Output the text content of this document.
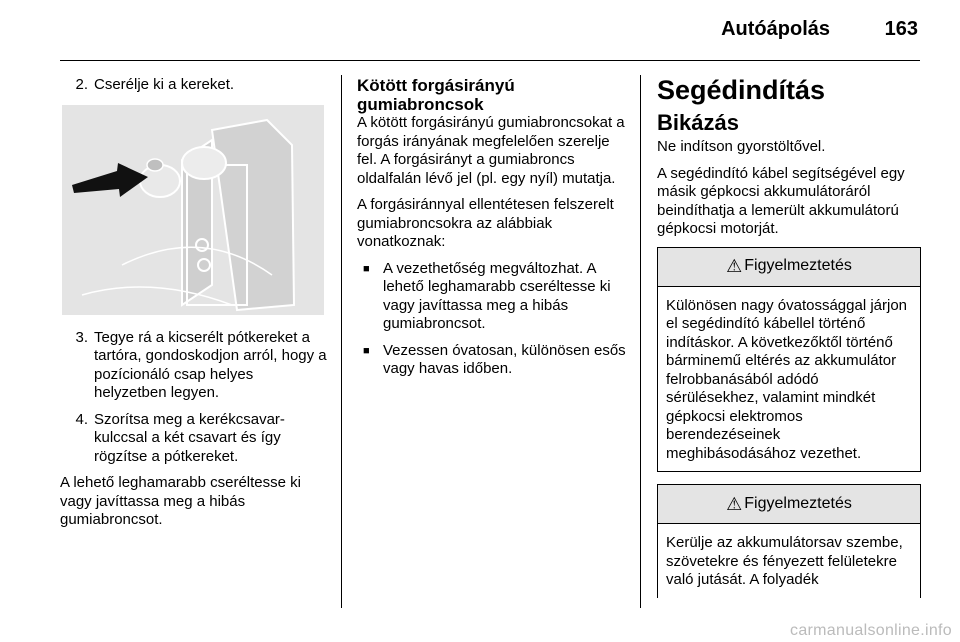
Autóápolás	163
2. Cserélje ki a kereket.
3. Tegye rá a kicserélt pótkereket a tartóra, gondoskodjon arról, hogy a pozícionáló csap helyes helyzetben legyen.
4. Szorítsa meg a kerékcsavar-kulccsal a két csavart és így rögzítse a pótkereket.

A lehető leghamarabb cseréltesse ki vagy javíttassa meg a hibás gumiabroncsot.

Kötött forgásirányú gumiabroncsok

A kötött forgásirányú gumiabroncsokat a forgás irányának megfelelően szerelje fel. A forgásirányt a gumiabroncs oldalfalán lévő jel (pl. egy nyíl) mutatja.

A forgásiránnyal ellentétesen felszerelt gumiabroncsokra az alábbiak vonatkoznak:

■ A vezethetőség megváltozhat. A lehető leghamarabb cseréltesse ki vagy javíttassa meg a hibás gumiabroncsot.
■ Vezessen óvatosan, különösen esős vagy havas időben.

Segédindítás

Bikázás

Ne indítson gyorstöltővel.

A segédindító kábel segítségével egy másik gépkocsi akkumulátoráról beindíthatja a lemerült akkumulátorú gépkocsi motorját.

⚠ Figyelmeztetés
Különösen nagy óvatossággal járjon el segédindító kábellel történő indításkor. A következőktől történő bárminemű eltérés az akkumulátor felrobbanásából adódó sérülésekhez, valamint mindkét gépkocsi elektromos berendezéseinek meghibásodásához vezethet.
⚠ Figyelmeztetés
Kerülje az akkumulátorsav szembe, szövetekre és fényezett felületekre való jutását. A folyadék
carmanualsonline.info
